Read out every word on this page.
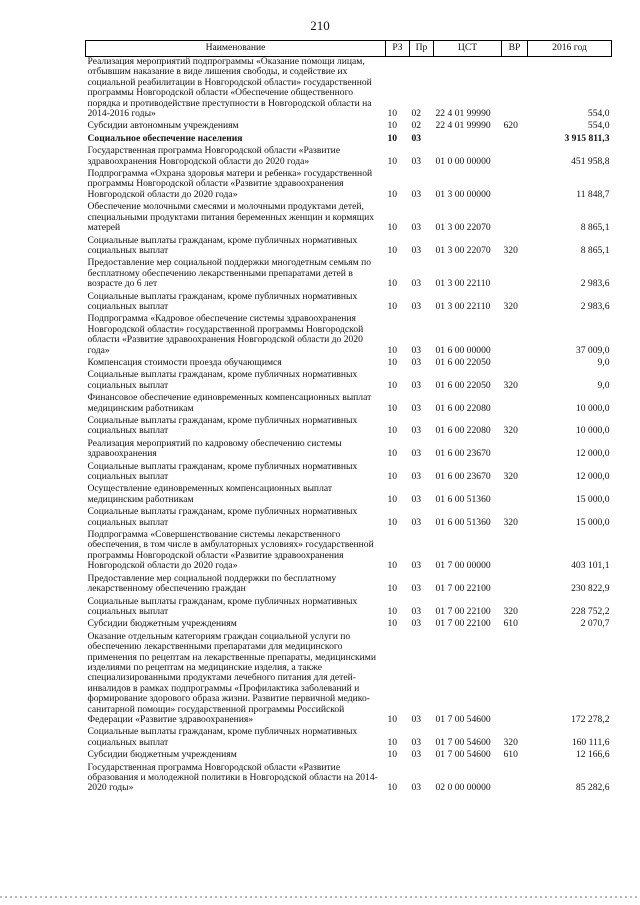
210
Наименование	РЗ	Пр	ЦСТ	ВР	2016 год
Реализация мероприятий подпрограммы «Оказание помощи лицам, отбывшим наказание в виде лишения свободы, и содействие их социальной реабилитации в Новгородской области» государственной программы Новгородской области «Обеспечение общественного порядка и противодействие преступности в Новгородской области на 2014-2016 годы»	10	02	22 4 01 99990		554,0
Субсидии автономным учреждениям	10	02	22 4 01 99990	620	554,0
Социальное обеспечение населения	10	03			3 915 811,3
Государственная программа Новгородской области «Развитие здравоохранения Новгородской области до 2020 года»	10	03	01 0 00 00000		451 958,8
Подпрограмма «Охрана здоровья матери и ребенка» государственной программы Новгородской области «Развитие здравоохранения Новгородской области до 2020 года»	10	03	01 3 00 00000		11 848,7
Обеспечение молочными смесями и молочными продуктами детей, специальными продуктами питания беременных женщин и кормящих матерей	10	03	01 3 00 22070		8 865,1
Социальные выплаты гражданам, кроме публичных нормативных социальных выплат	10	03	01 3 00 22070	320	8 865,1
Предоставление мер социальной поддержки многодетным семьям по бесплатному обеспечению лекарственными препаратами детей в возрасте до 6 лет	10	03	01 3 00 22110		2 983,6
Социальные выплаты гражданам, кроме публичных нормативных социальных выплат	10	03	01 3 00 22110	320	2 983,6
Подпрограмма «Кадровое обеспечение системы здравоохранения Новгородской области» государственной программы Новгородской области «Развитие здравоохранения Новгородской области до 2020 года»	10	03	01 6 00 00000		37 009,0
Компенсация стоимости проезда обучающимся	10	03	01 6 00 22050		9,0
Социальные выплаты гражданам, кроме публичных нормативных социальных выплат	10	03	01 6 00 22050	320	9,0
Финансовое обеспечение единовременных компенсационных выплат медицинским работникам	10	03	01 6 00 22080		10 000,0
Социальные выплаты гражданам, кроме публичных нормативных социальных выплат	10	03	01 6 00 22080	320	10 000,0
Реализация мероприятий по кадровому обеспечению системы здравоохранения	10	03	01 6 00 23670		12 000,0
Социальные выплаты гражданам, кроме публичных нормативных социальных выплат	10	03	01 6 00 23670	320	12 000,0
Осуществление единовременных компенсационных выплат медицинским работникам	10	03	01 6 00 51360		15 000,0
Социальные выплаты гражданам, кроме публичных нормативных социальных выплат	10	03	01 6 00 51360	320	15 000,0
Подпрограмма «Совершенствование системы лекарственного обеспечения, в том числе в амбулаторных условиях» государственной программы Новгородской области «Развитие здравоохранения Новгородской области до 2020 года»	10	03	01 7 00 00000		403 101,1
Предоставление мер социальной поддержки по бесплатному лекарственному обеспечению граждан	10	03	01 7 00 22100		230 822,9
Социальные выплаты гражданам, кроме публичных нормативных социальных выплат	10	03	01 7 00 22100	320	228 752,2
Субсидии бюджетным учреждениям	10	03	01 7 00 22100	610	2 070,7
Оказание отдельным категориям граждан социальной услуги по обеспечению лекарственными препаратами для медицинского применения по рецептам на лекарственные препараты, медицинскими изделиями по рецептам на медицинские изделия, а также специализированными продуктами лечебного питания для детей-инвалидов в рамках подпрограммы «Профилактика заболеваний и формирование здорового образа жизни. Развитие первичной медико-санитарной помощи» государственной программы Российской Федерации «Развитие здравоохранения»	10	03	01 7 00 54600		172 278,2
Социальные выплаты гражданам, кроме публичных нормативных социальных выплат	10	03	01 7 00 54600	320	160 111,6
Субсидии бюджетным учреждениям	10	03	01 7 00 54600	610	12 166,6
Государственная программа Новгородской области «Развитие образования и молодежной политики в Новгородской области на 2014-2020 годы»	10	03	02 0 00 00000		85 282,6
